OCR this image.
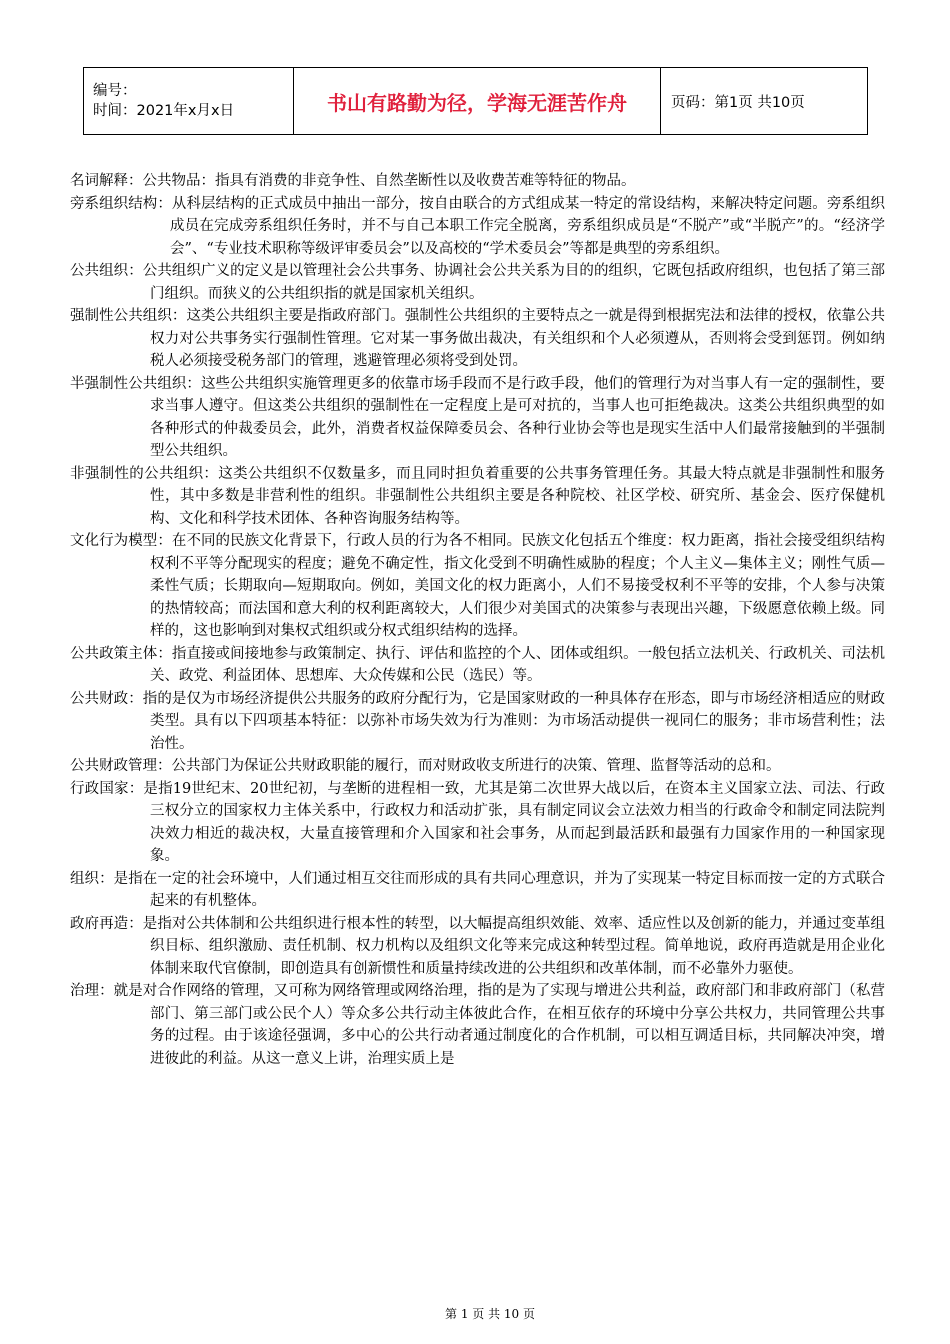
编号：
时间：2021年x月x日	书山有路勤为径，学海无涯苦作舟	页码：第1页 共10页

名词解释：公共物品：指具有消费的非竞争性、自然垄断性以及收费苦难等特征的物品。

旁系组织结构：从科层结构的正式成员中抽出一部分，按自由联合的方式组成某一特定的常设结构，来解决特定问题。旁系组织成员在完成旁系组织任务时，并不与自己本职工作完全脱离，旁系组织成员是“不脱产”或“半脱产”的。“经济学会”、“专业技术职称等级评审委员会”以及高校的“学术委员会”等都是典型的旁系组织。

公共组织：公共组织广义的定义是以管理社会公共事务、协调社会公共关系为目的的组织，它既包括政府组织，也包括了第三部门组织。而狭义的公共组织指的就是国家机关组织。

强制性公共组织：这类公共组织主要是指政府部门。强制性公共组织的主要特点之一就是得到根据宪法和法律的授权，依靠公共权力对公共事务实行强制性管理。它对某一事务做出裁决，有关组织和个人必须遵从，否则将会受到惩罚。例如纳税人必须接受税务部门的管理，逃避管理必须将受到处罚。

半强制性公共组织：这些公共组织实施管理更多的依靠市场手段而不是行政手段，他们的管理行为对当事人有一定的强制性，要求当事人遵守。但这类公共组织的强制性在一定程度上是可对抗的，当事人也可拒绝裁决。这类公共组织典型的如各种形式的仲裁委员会，此外，消费者权益保障委员会、各种行业协会等也是现实生活中人们最常接触到的半强制型公共组织。

非强制性的公共组织：这类公共组织不仅数量多，而且同时担负着重要的公共事务管理任务。其最大特点就是非强制性和服务性，其中多数是非营利性的组织。非强制性公共组织主要是各种院校、社区学校、研究所、基金会、医疗保健机构、文化和科学技术团体、各种咨询服务结构等。

文化行为模型：在不同的民族文化背景下，行政人员的行为各不相同。民族文化包括五个维度：权力距离，指社会接受组织结构权利不平等分配现实的程度；避免不确定性，指文化受到不明确性威胁的程度；个人主义—集体主义；刚性气质—柔性气质；长期取向—短期取向。例如，美国文化的权力距离小，人们不易接受权利不平等的安排，个人参与决策的热情较高；而法国和意大利的权利距离较大，人们很少对美国式的决策参与表现出兴趣，下级愿意依赖上级。同样的，这也影响到对集权式组织或分权式组织结构的选择。

公共政策主体：指直接或间接地参与政策制定、执行、评估和监控的个人、团体或组织。一般包括立法机关、行政机关、司法机关、政党、利益团体、思想库、大众传媒和公民（选民）等。

公共财政：指的是仅为市场经济提供公共服务的政府分配行为，它是国家财政的一种具体存在形态，即与市场经济相适应的财政类型。具有以下四项基本特征：以弥补市场失效为行为准则：为市场活动提供一视同仁的服务；非市场营利性；法治性。

公共财政管理：公共部门为保证公共财政职能的履行，而对财政收支所进行的决策、管理、监督等活动的总和。

行政国家：是指19世纪末、20世纪初，与垄断的进程相一致，尤其是第二次世界大战以后，在资本主义国家立法、司法、行政三权分立的国家权力主体关系中，行政权力和活动扩张，具有制定同议会立法效力相当的行政命令和制定同法院判决效力相近的裁决权，大量直接管理和介入国家和社会事务，从而起到最活跃和最强有力国家作用的一种国家现象。

组织：是指在一定的社会环境中，人们通过相互交往而形成的具有共同心理意识，并为了实现某一特定目标而按一定的方式联合起来的有机整体。

政府再造：是指对公共体制和公共组织进行根本性的转型，以大幅提高组织效能、效率、适应性以及创新的能力，并通过变革组织目标、组织激励、责任机制、权力机构以及组织文化等来完成这种转型过程。简单地说，政府再造就是用企业化体制来取代官僚制，即创造具有创新惯性和质量持续改进的公共组织和改革体制，而不必靠外力驱使。

治理：就是对合作网络的管理，又可称为网络管理或网络治理，指的是为了实现与增进公共利益，政府部门和非政府部门（私营部门、第三部门或公民个人）等众多公共行动主体彼此合作，在相互依存的环境中分享公共权力，共同管理公共事务的过程。由于该途径强调，多中心的公共行动者通过制度化的合作机制，可以相互调适目标，共同解决冲突，增进彼此的利益。从这一意义上讲，治理实质上是

第 1 页 共 10 页
